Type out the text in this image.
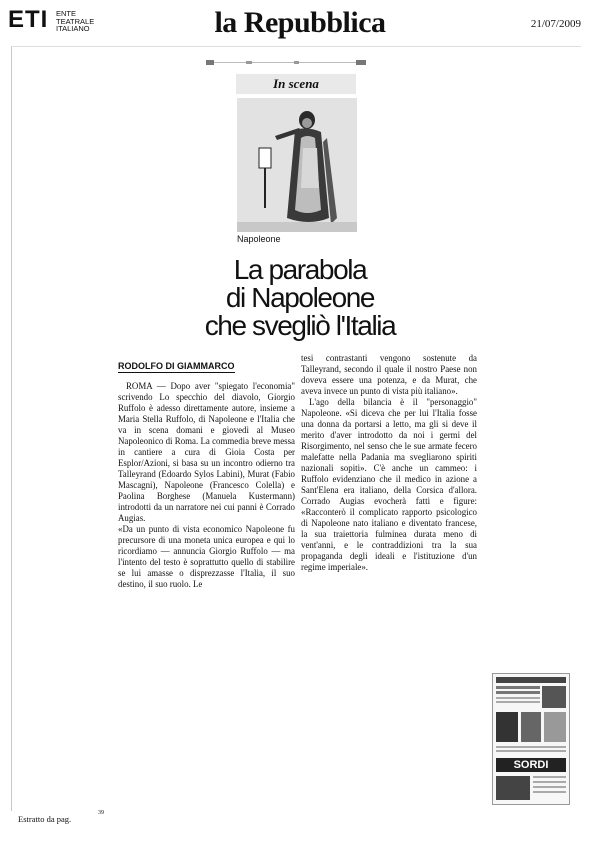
ETI ENTE
TEATRALE
ITALIANO	la Repubblica	21/07/2009
In scena
Napoleone
La parabola
di Napoleone
che svegliò l'Italia
RODOLFO DI GIAMMARCO

ROMA — Dopo aver "spiegato l'economia" scrivendo Lo specchio del diavolo, Giorgio Ruffolo è adesso direttamente autore, insieme a Maria Stella Ruffolo, di Napoleone e l'Italia che va in scena domani e giovedì al Museo Napoleonico di Roma. La commedia breve messa in cantiere a cura di Gioia Costa per Esplor/Azioni, si basa su un incontro odierno tra Talleyrand (Edoardo Sylos Labini), Murat (Fabio Mascagni), Napoleone (Francesco Colella) e Paolina Borghese (Manuela Kustermann) introdotti da un narratore nei cui panni è Corrado Augias.

«Da un punto di vista economico Napoleone fu precursore di una moneta unica europea e qui lo ricordiamo — annuncia Giorgio Ruffolo — ma l'intento del testo è soprattutto quello di stabilire se lui amasse o disprezzasse l'Italia, il suo destino, il suo ruolo. Le

tesi contrastanti vengono sostenute da Talleyrand, secondo il quale il nostro Paese non doveva essere una potenza, e da Murat, che aveva invece un punto di vista più italiano».

L'ago della bilancia è il "personaggio" Napoleone. «Si diceva che per lui l'Italia fosse una donna da portarsi a letto, ma gli si deve il merito d'aver introdotto da noi i germi del Risorgimento, nel senso che le sue armate fecero malefatte nella Padania ma svegliarono spiriti nazionali sopiti». C'è anche un cammeo: i Ruffolo evidenziano che il medico in azione a Sant'Elena era italiano, della Corsica d'allora. Corrado Augias evocherà fatti e figure: «Racconterò il complicato rapporto psicologico di Napoleone nato italiano e diventato francese, la sua traiettoria fulminea durata meno di vent'anni, e le contraddizioni tra la sua propaganda degli ideali e l'istituzione d'un regime imperiale».

SORDI
Estratto da pag.
39
